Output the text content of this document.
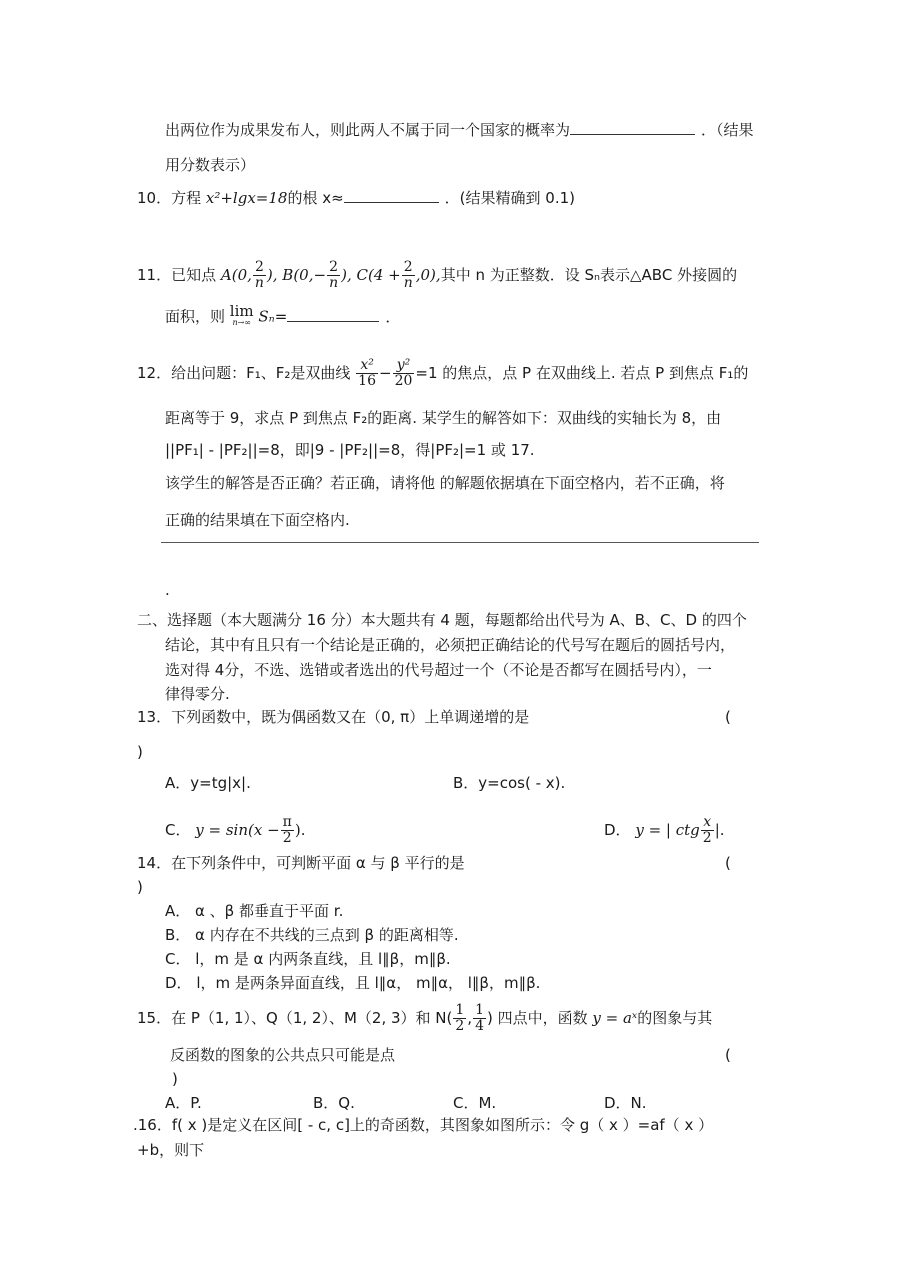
出两位作为成果发布人，则此两人不属于同一个国家的概率为	．（结果
用分数表示）
10．方程 x²+lgx=18的根 x≈	．(结果精确到 0.1)
11．已知点 A(0, $\frac{2}{n}$ ), $B(0,- \frac{2}{n}$ ), $C(4 + \frac{2}{n} ,0)$,其中 n 为正整数．设 Sₙ表示△ABC 外接圆的
面积，则 lim
n→∞ Sₙ=	．
12．给出问题：F₁、F₂是双曲线 $\frac{\text{x²}}{16} - \frac{\text{y²}}{20} =1$ 的焦点，点 P 在双曲线上. 若点 P 到焦点 F₁的
距离等于 9，求点 P 到焦点 F₂的距离. 某学生的解答如下：双曲线的实轴长为 8，由
||PF₁| - |PF₂||=8，即|9 - |PF₂||=8，得|PF₂|=1 或 17.
该学生的解答是否正确？若正确，请将他 的解题依据填在下面空格内，若不正确，将
正确的结果填在下面空格内.
.
二、选择题（本大题满分 16 分）本大题共有 4 题，每题都给出代号为 A、B、C、D 的四个
结论，其中有且只有一个结论是正确的，必须把正确结论的代号写在题后的圆括号内，
选对得 4分，不选、选错或者选出的代号超过一个（不论是否都写在圆括号内），一
律得零分.
13．下列函数中，既为偶函数又在（0, π）上单调递增的是	(
)
A．y=tg|x|.	B．y=cos( - x).
C． $y = \sin(x - \frac{\pi}{2}$ ).	D． y = | ctg $\frac{x}{2}$ |.
14．在下列条件中，可判断平面 α 与 β 平行的是	(
)
A． α 、β 都垂直于平面 r.
B． α 内存在不共线的三点到 β 的距离相等.
C． l，m 是 α 内两条直线，且 l∥β，m∥β.
D． l，m 是两条异面直线，且 l∥α， m∥α， l∥β，m∥β.
15．在 P（1, 1）、Q（1, 2）、M（2, 3）和 $N( \frac{1}{2}$ , $\frac{1}{4}$ ) 四点中，函数 y = aˣ的图象与其
反函数的图象的公共点只可能是点	(
)
A．P.	B．Q.	C．M.	D．N.
.16．f( x )是定义在区间[ - c, c]上的奇函数，其图象如图所示：令 g（ x ）=af（ x ）
+b，则下
